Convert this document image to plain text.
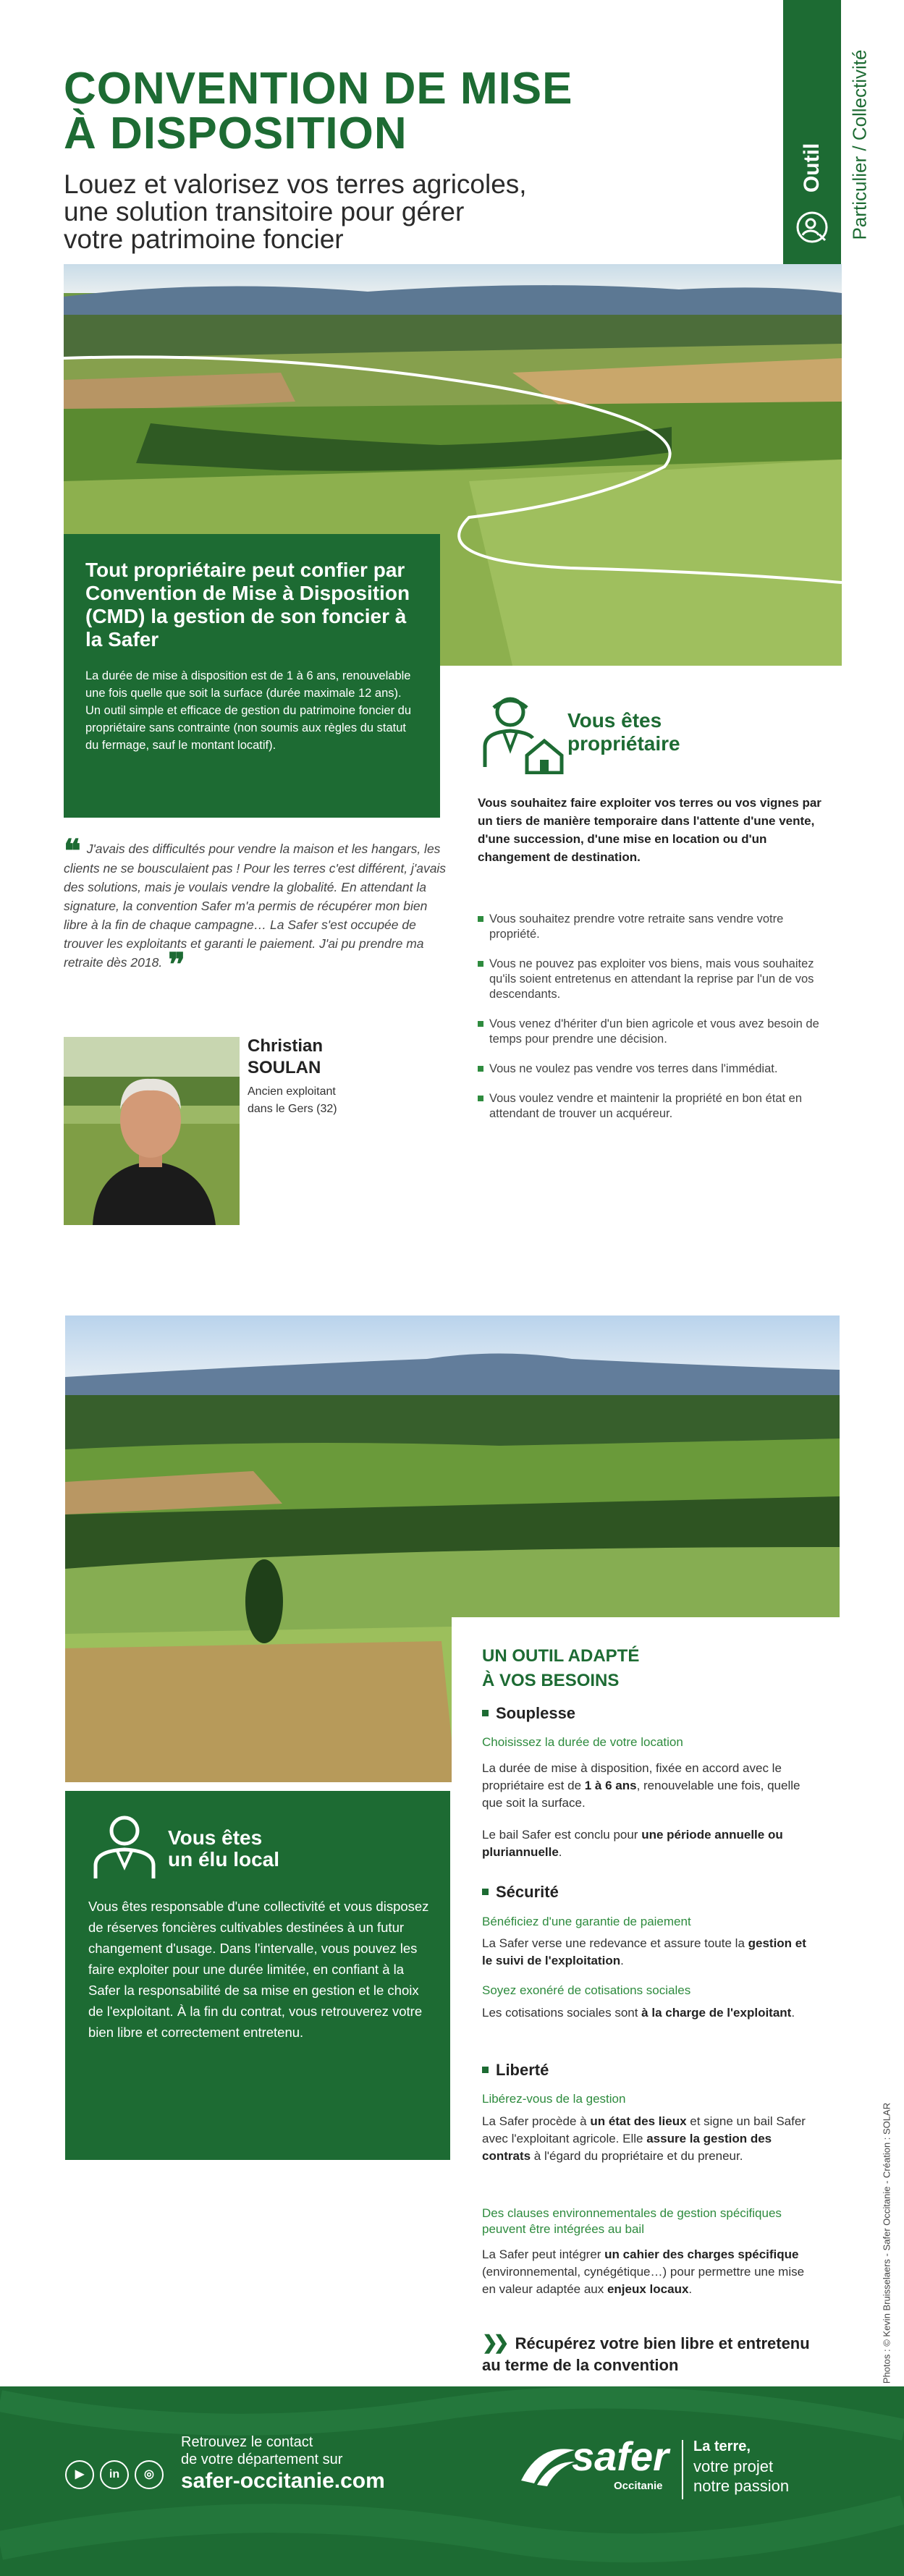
CONVENTION DE MISE
À DISPOSITION
Louez et valorisez vos terres agricoles,
une solution transitoire pour gérer
votre patrimoine foncier
Outil Particulier / Collectivité

Tout propriétaire peut confier par Convention de Mise à Disposition (CMD) la gestion de son foncier à la Safer

La durée de mise à disposition est de 1 à 6 ans, renouvelable une fois quelle que soit la surface (durée maximale 12 ans). Un outil simple et efficace de gestion du patrimoine foncier du propriétaire sans contrainte (non soumis aux règles du statut du fermage, sauf le montant locatif).

Vous êtes
propriétaire
Vous souhaitez faire exploiter vos terres ou vos vignes par un tiers de manière temporaire dans l'attente d'une vente, d'une succession, d'une mise en location ou d'un changement de destination.
Vous souhaitez prendre votre retraite sans vendre votre propriété.
Vous ne pouvez pas exploiter vos biens, mais vous souhaitez qu'ils soient entretenus en attendant la reprise par l'un de vos descendants.
Vous venez d'hériter d'un bien agricole et vous avez besoin de temps pour prendre une décision.
Vous ne voulez pas vendre vos terres dans l'immédiat.
Vous voulez vendre et maintenir la propriété en bon état en attendant de trouver un acquéreur.
❝ J'avais des difficultés pour vendre la maison et les hangars, les clients ne se bousculaient pas ! Pour les terres c'est différent, j'avais des solutions, mais je voulais vendre la globalité. En attendant la signature, la convention Safer m'a permis de récupérer mon bien libre à la fin de chaque campagne… La Safer s'est occupée de trouver les exploitants et garanti le paiement. J'ai pu prendre ma retraite dès 2018. ❞
Christian
SOULAN
Ancien exploitant
dans le Gers (32)
Vous êtes
un élu local
Vous êtes responsable d'une collectivité et vous disposez de réserves foncières cultivables destinées à un futur changement d'usage. Dans l'intervalle, vous pouvez les faire exploiter pour une durée limitée, en confiant à la Safer la responsabilité de sa mise en gestion et le choix de l'exploitant. À la fin du contrat, vous retrouverez votre bien libre et correctement entretenu.
UN OUTIL ADAPTÉ
À VOS BESOINS
Souplesse
Choisissez la durée de votre location
La durée de mise à disposition, fixée en accord avec le propriétaire est de 1 à 6 ans, renouvelable une fois, quelle que soit la surface.
Le bail Safer est conclu pour une période annuelle ou pluriannuelle.
Sécurité
Bénéficiez d'une garantie de paiement
La Safer verse une redevance et assure toute la gestion et le suivi de l'exploitation.
Soyez exonéré de cotisations sociales
Les cotisations sociales sont à la charge de l'exploitant.
Liberté
Libérez-vous de la gestion
La Safer procède à un état des lieux et signe un bail Safer avec l'exploitant agricole. Elle assure la gestion des contrats à l'égard du propriétaire et du preneur.
Des clauses environnementales de gestion spécifiques peuvent être intégrées au bail
La Safer peut intégrer un cahier des charges spécifique (environnemental, cynégétique…) pour permettre une mise en valeur adaptée aux enjeux locaux.
❯❯ Récupérez votre bien libre et entretenu au terme de la convention	Photos : © Kevin Bruisselaers - Safer Occitanie - Création : SOLAR
▶	in	◎
Retrouvez le contact
de votre département sur
safer-occitanie.com
safer
Occitanie
La terre,
votre projet
notre passion
